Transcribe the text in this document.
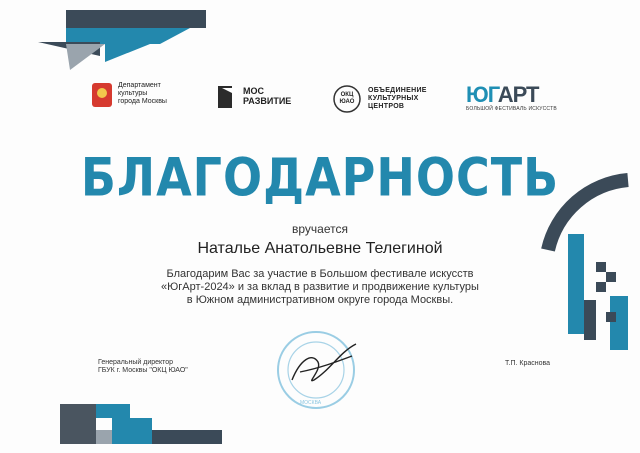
Департамент
культуры
города Москвы
МОС
РАЗВИТИЕ
ОКЦ
ЮАО
ОБЪЕДИНЕНИЕ
КУЛЬТУРНЫХ
ЦЕНТРОВ	ЮГАРТ
БОЛЬШОЙ ФЕСТИВАЛЬ ИСКУССТВ
БЛАГОДАРНОСТЬ
вручается
Наталье Анатольевне Телегиной
Благодарим Вас за участие в Большом фестивале искусств
«ЮгАрт-2024» и за вклад в развитие и продвижение культуры
в Южном административном округе города Москвы.
Генеральный директор
ГБУК г. Москвы "ОКЦ ЮАО"
Т.П. Краснова
МОСКВА
